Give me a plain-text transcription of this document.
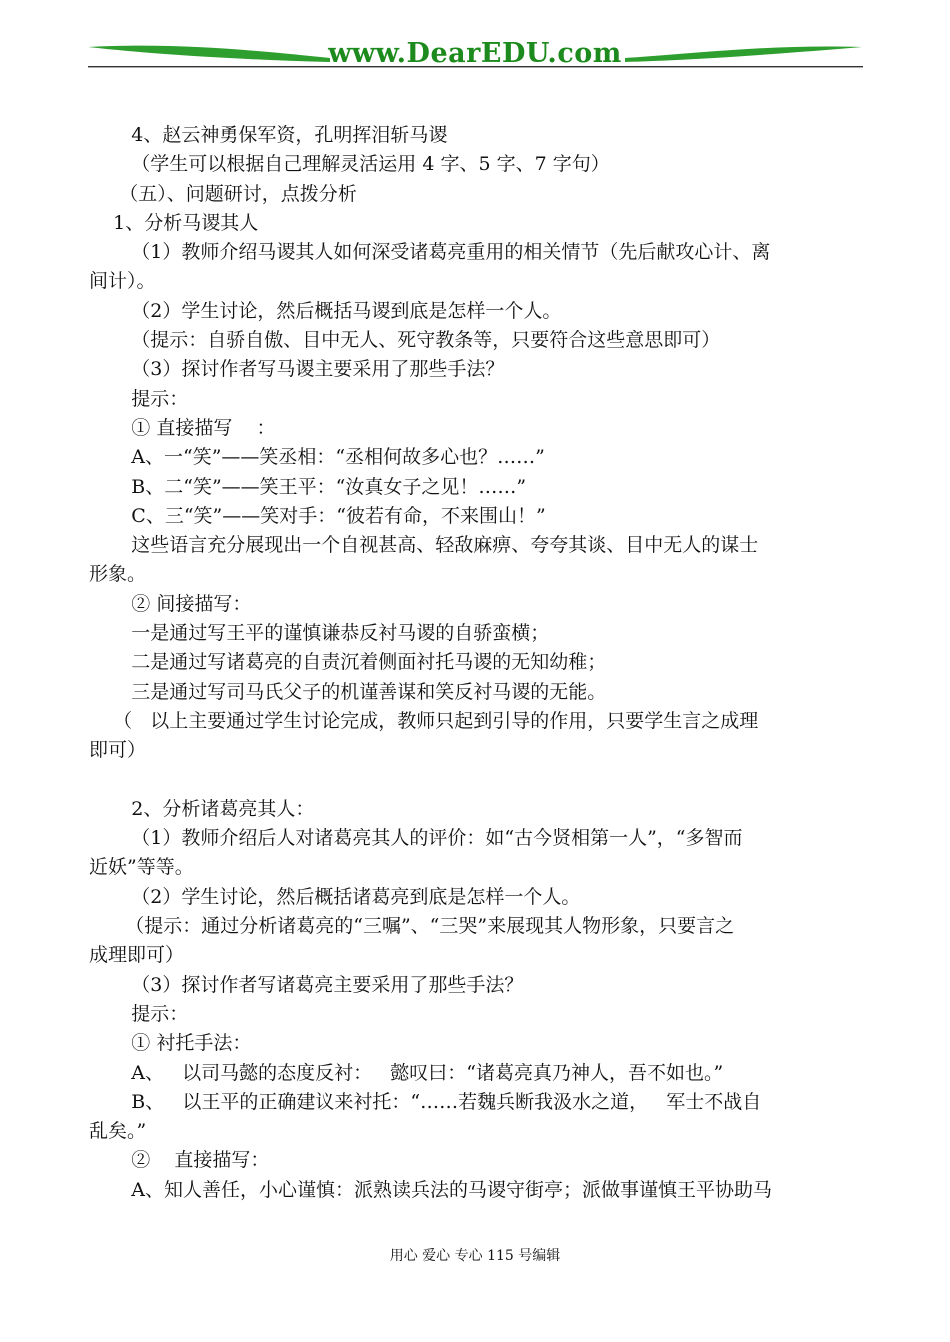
www.DearEDU.com
4、赵云神勇保军资，孔明挥泪斩马谡
（学生可以根据自己理解灵活运用 4 字、5 字、7 字句）
（五）、问题研讨，点拨分析
1、分析马谡其人
（1）教师介绍马谡其人如何深受诸葛亮重用的相关情节（先后献攻心计、离
间计）。
（2）学生讨论，然后概括马谡到底是怎样一个人。
（提示：自骄自傲、目中无人、死守教条等，只要符合这些意思即可）
（3）探讨作者写马谡主要采用了那些手法？
提示：
① 直接描写    ：
A、一“笑”——笑丞相：“丞相何故多心也？……”
B、二“笑”——笑王平：“汝真女子之见！……”
C、三“笑”——笑对手：“彼若有命，不来围山！”
这些语言充分展现出一个自视甚高、轻敌麻痹、夸夸其谈、目中无人的谋士
形象。
② 间接描写：
一是通过写王平的谨慎谦恭反衬马谡的自骄蛮横；
二是通过写诸葛亮的自责沉着侧面衬托马谡的无知幼稚；
三是通过写司马氏父子的机谨善谋和笑反衬马谡的无能。
（   以上主要通过学生讨论完成，教师只起到引导的作用，只要学生言之成理
即可）
2、分析诸葛亮其人：
（1）教师介绍后人对诸葛亮其人的评价：如“古今贤相第一人”，“多智而
近妖”等等。
（2）学生讨论，然后概括诸葛亮到底是怎样一个人。
（提示：通过分析诸葛亮的“三嘱”、“三哭”来展现其人物形象，只要言之
成理即可）
（3）探讨作者写诸葛亮主要采用了那些手法？
提示：
① 衬托手法：
A、   以司马懿的态度反衬：   懿叹曰：“诸葛亮真乃神人，吾不如也。”
B、   以王平的正确建议来衬托：“……若魏兵断我汲水之道，   军士不战自
乱矣。”
②    直接描写：
A、知人善任，小心谨慎：派熟读兵法的马谡守街亭；派做事谨慎王平协助马
用心 爱心 专心 115 号编辑
